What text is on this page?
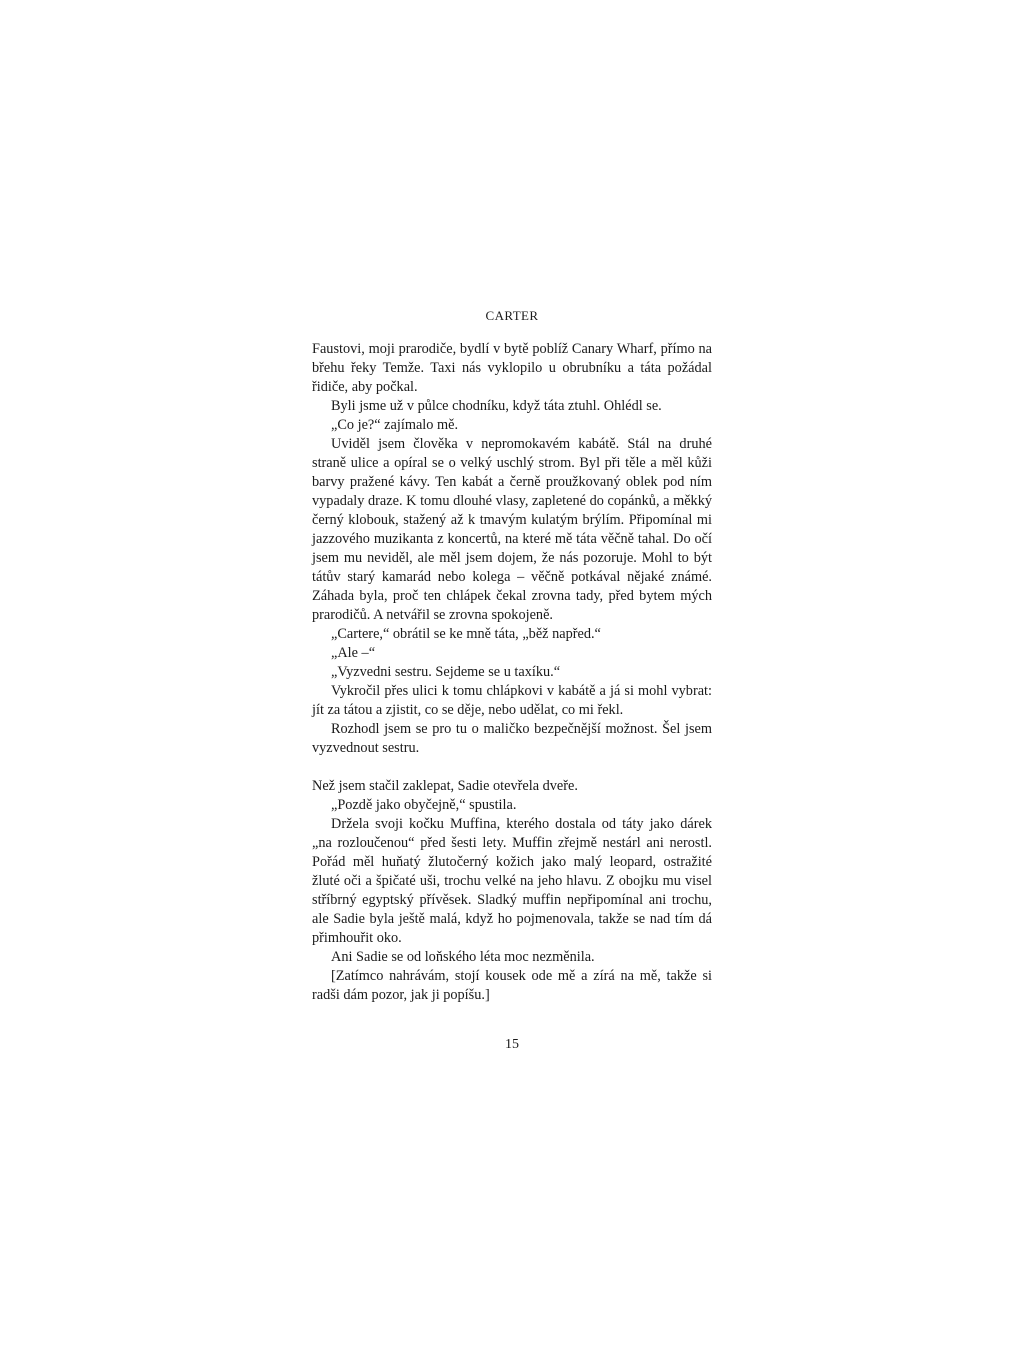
CARTER

Faustovi, moji prarodiče, bydlí v bytě poblíž Canary Wharf, přímo na břehu řeky Temže. Taxi nás vyklopilo u obrubníku a táta požádal řidiče, aby počkal.

Byli jsme už v půlce chodníku, když táta ztuhl. Ohlédl se.

„Co je?“ zajímalo mě.

Uviděl jsem člověka v nepromokavém kabátě. Stál na druhé straně ulice a opíral se o velký uschlý strom. Byl při těle a měl kůži barvy pražené kávy. Ten kabát a černě proužkovaný oblek pod ním vypadaly draze. K tomu dlouhé vlasy, zapletené do copánků, a měkký černý klobouk, stažený až k tmavým kulatým brýlím. Připomínal mi jazzového muzikanta z koncertů, na které mě táta věčně tahal. Do očí jsem mu neviděl, ale měl jsem dojem, že nás pozoruje. Mohl to být tátův starý kamarád nebo kolega – věčně potkával nějaké známé. Záhada byla, proč ten chlápek čekal zrovna tady, před bytem mých prarodičů. A netvářil se zrovna spokojeně.

„Cartere,“ obrátil se ke mně táta, „běž napřed.“

„Ale –“

„Vyzvedni sestru. Sejdeme se u taxíku.“

Vykročil přes ulici k tomu chlápkovi v kabátě a já si mohl vybrat: jít za tátou a zjistit, co se děje, nebo udělat, co mi řekl.

Rozhodl jsem se pro tu o maličko bezpečnější možnost. Šel jsem vyzvednout sestru.

Než jsem stačil zaklepat, Sadie otevřela dveře.

„Pozdě jako obyčejně,“ spustila.

Držela svoji kočku Muffina, kterého dostala od táty jako dárek „na rozloučenou“ před šesti lety. Muffin zřejmě nestárl ani nerostl. Pořád měl huňatý žlutočerný kožich jako malý leopard, ostražité žluté oči a špičaté uši, trochu velké na jeho hlavu. Z obojku mu visel stříbrný egyptský přívěsek. Sladký muffin nepřipomínal ani trochu, ale Sadie byla ještě malá, když ho pojmenovala, takže se nad tím dá přimhouřit oko.

Ani Sadie se od loňského léta moc nezměnila.

[Zatímco nahrávám, stojí kousek ode mě a zírá na mě, takže si radši dám pozor, jak ji popíšu.]

15
